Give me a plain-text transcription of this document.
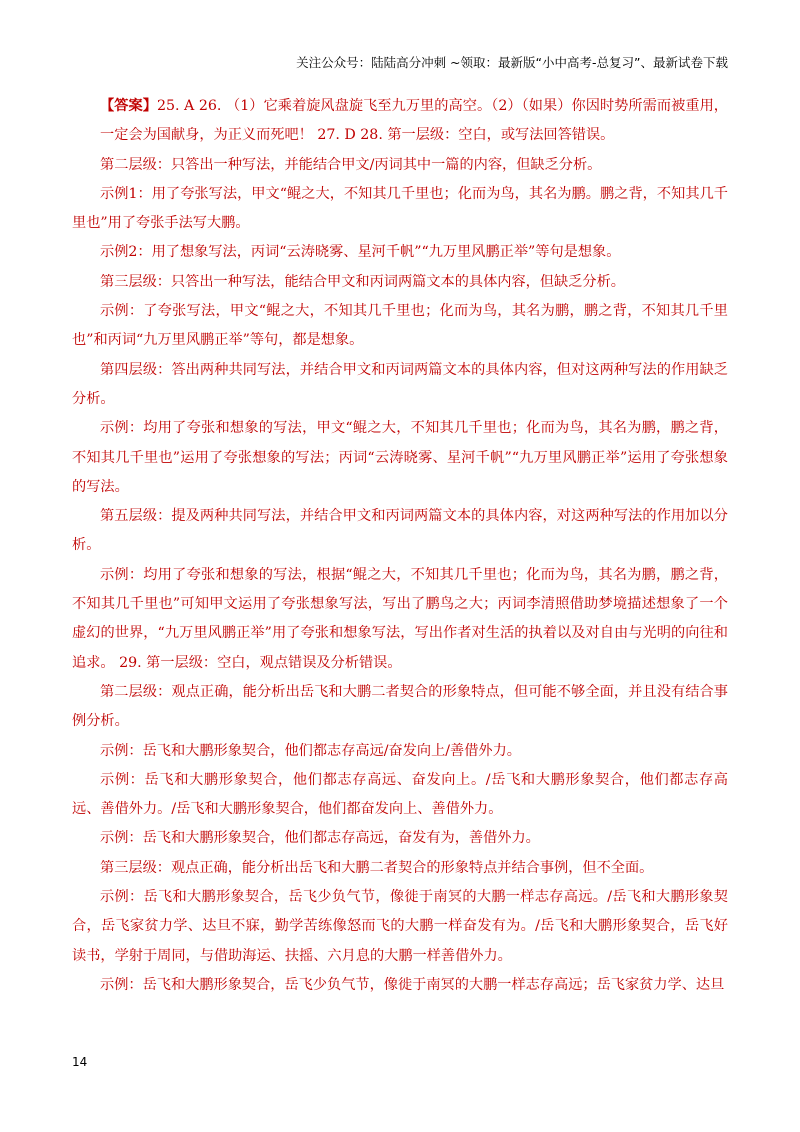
关注公众号：陆陆高分冲刺 ~领取：最新版“小中高考-总复习”、最新试卷下载

【答案】25. A 26. （1）它乘着旋风盘旋飞至九万里的高空。（2）（如果）你因时势所需而被重用，一定会为国献身，为正义而死吧！ 27. D 28. 第一层级：空白，或写法回答错误。

第二层级：只答出一种写法，并能结合甲文/丙词其中一篇的内容，但缺乏分析。

示例1：用了夸张写法，甲文“鲲之大，不知其几千里也；化而为鸟，其名为鹏。鹏之背，不知其几千里也”用了夸张手法写大鹏。

示例2：用了想象写法，丙词“云涛晓雾、星河千帆”“九万里风鹏正举”等句是想象。

第三层级：只答出一种写法，能结合甲文和丙词两篇文本的具体内容，但缺乏分析。

示例：了夸张写法，甲文“鲲之大，不知其几千里也；化而为鸟，其名为鹏，鹏之背，不知其几千里也”和丙词“九万里风鹏正举”等句，都是想象。

第四层级：答出两种共同写法，并结合甲文和丙词两篇文本的具体内容，但对这两种写法的作用缺乏分析。

示例：均用了夸张和想象的写法，甲文“鲲之大，不知其几千里也；化而为鸟，其名为鹏，鹏之背，不知其几千里也”运用了夸张想象的写法；丙词“云涛晓雾、星河千帆”“九万里风鹏正举”运用了夸张想象的写法。

第五层级：提及两种共同写法，并结合甲文和丙词两篇文本的具体内容，对这两种写法的作用加以分析。

示例：均用了夸张和想象的写法，根据“鲲之大，不知其几千里也；化而为鸟，其名为鹏，鹏之背，不知其几千里也”可知甲文运用了夸张想象写法，写出了鹏鸟之大；丙词李清照借助梦境描述想象了一个虚幻的世界，“九万里风鹏正举”用了夸张和想象写法，写出作者对生活的执着以及对自由与光明的向往和追求。 29. 第一层级：空白，观点错误及分析错误。

第二层级：观点正确，能分析出岳飞和大鹏二者契合的形象特点，但可能不够全面，并且没有结合事例分析。

示例：岳飞和大鹏形象契合，他们都志存高远/奋发向上/善借外力。

示例：岳飞和大鹏形象契合，他们都志存高远、奋发向上。/岳飞和大鹏形象契合，他们都志存高远、善借外力。/岳飞和大鹏形象契合，他们都奋发向上、善借外力。

示例：岳飞和大鹏形象契合，他们都志存高远，奋发有为，善借外力。

第三层级：观点正确，能分析出岳飞和大鹏二者契合的形象特点并结合事例，但不全面。

示例：岳飞和大鹏形象契合，岳飞少负气节，像徙于南冥的大鹏一样志存高远。/岳飞和大鹏形象契合，岳飞家贫力学、达旦不寐，勤学苦练像怒而飞的大鹏一样奋发有为。/岳飞和大鹏形象契合，岳飞好读书，学射于周同，与借助海运、扶摇、六月息的大鹏一样善借外力。

示例：岳飞和大鹏形象契合，岳飞少负气节，像徙于南冥的大鹏一样志存高远；岳飞家贫力学、达旦

14
